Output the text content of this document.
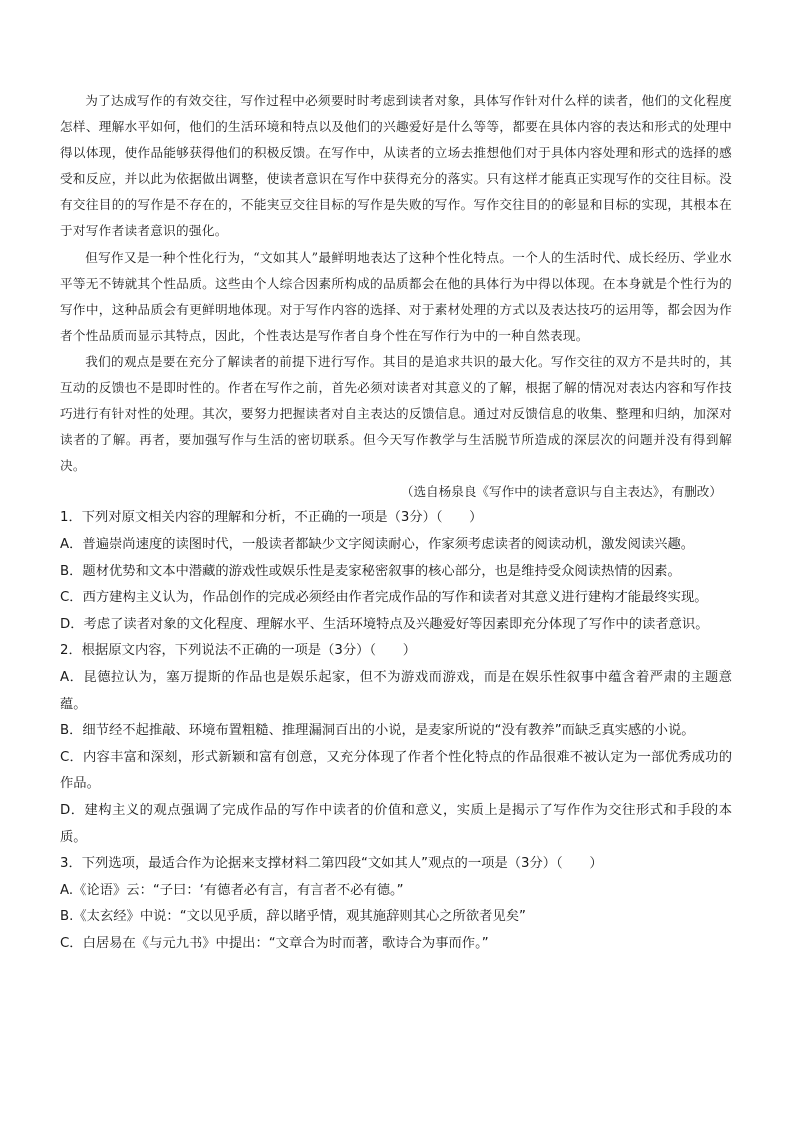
为了达成写作的有效交往，写作过程中必须要时时考虑到读者对象，具体写作针对什么样的读者，他们的文化程度怎样、理解水平如何，他们的生活环境和特点以及他们的兴趣爱好是什么等等，都要在具体内容的表达和形式的处理中得以体现，使作品能够获得他们的积极反馈。在写作中，从读者的立场去推想他们对于具体内容处理和形式的选择的感受和反应，并以此为依据做出调整，使读者意识在写作中获得充分的落实。只有这样才能真正实现写作的交往目标。没有交往目的的写作是不存在的，不能実豆交往目标的写作是失败的写作。写作交往目的的彰显和目标的实现，其根本在于对写作者读者意识的强化。

但写作又是一种个性化行为，“文如其人”最鲜明地表达了这种个性化特点。一个人的生活时代、成长经历、学业水平等无不铸就其个性品质。这些由个人综合因素所构成的品质都会在他的具体行为中得以体现。在本身就是个性行为的写作中，这种品质会有更鲜明地体现。对于写作内容的选择、对于素材处理的方式以及表达技巧的运用等，都会因为作者个性品质而显示其特点，因此，个性表达是写作者自身个性在写作行为中的一种自然表现。

我们的观点是要在充分了解读者的前提下进行写作。其目的是追求共识的最大化。写作交往的双方不是共时的，其互动的反馈也不是即时性的。作者在写作之前，首先必须对读者对其意义的了解，根据了解的情况对表达内容和写作技巧进行有针对性的处理。其次，要努力把握读者对自主表达的反馈信息。通过对反馈信息的收集、整理和归纳，加深对读者的了解。再者，要加强写作与生活的密切联系。但今天写作教学与生活脱节所造成的深层次的问题并没有得到解决。

（选自杨泉良《写作中的读者意识与自主表达》，有删改）

1．下列对原文相关内容的理解和分析，不正确的一项是（3分）（　　）

A．普遍崇尚速度的读图时代，一般读者都缺少文字阅读耐心，作家须考虑读者的阅读动机，激发阅读兴趣。

B．题材优势和文本中潜藏的游戏性或娱乐性是麦家秘密叙事的核心部分，也是维持受众阅读热情的因素。

C．西方建构主义认为，作品创作的完成必须经由作者完成作品的写作和读者对其意义进行建构才能最终实现。

D．考虑了读者对象的文化程度、理解水平、生活环境特点及兴趣爱好等因素即充分体现了写作中的读者意识。

2．根据原文内容，下列说法不正确的一项是（3分）（　　）

A．昆德拉认为，塞万提斯的作品也是娱乐起家，但不为游戏而游戏，而是在娱乐性叙事中蕴含着严肃的主题意蕴。

B．细节经不起推敲、环境布置粗糙、推理漏洞百出的小说，是麦家所说的“没有教养”而缺乏真实感的小说。

C．内容丰富和深刻，形式新颖和富有创意，又充分体现了作者个性化特点的作品很难不被认定为一部优秀成功的作品。

D．建构主义的观点强调了完成作品的写作中读者的价值和意义，实质上是揭示了写作作为交往形式和手段的本质。

3．下列选项，最适合作为论据来支撑材料二第四段“文如其人”观点的一项是（3分）（　　）

A.《论语》云：“子曰：‘有德者必有言，有言者不必有德。”

B.《太玄经》中说：“文以见乎质，辞以睹乎情，观其施辞则其心之所欲者见矣”

C．白居易在《与元九书》中提出：“文章合为时而著，歌诗合为事而作。”
